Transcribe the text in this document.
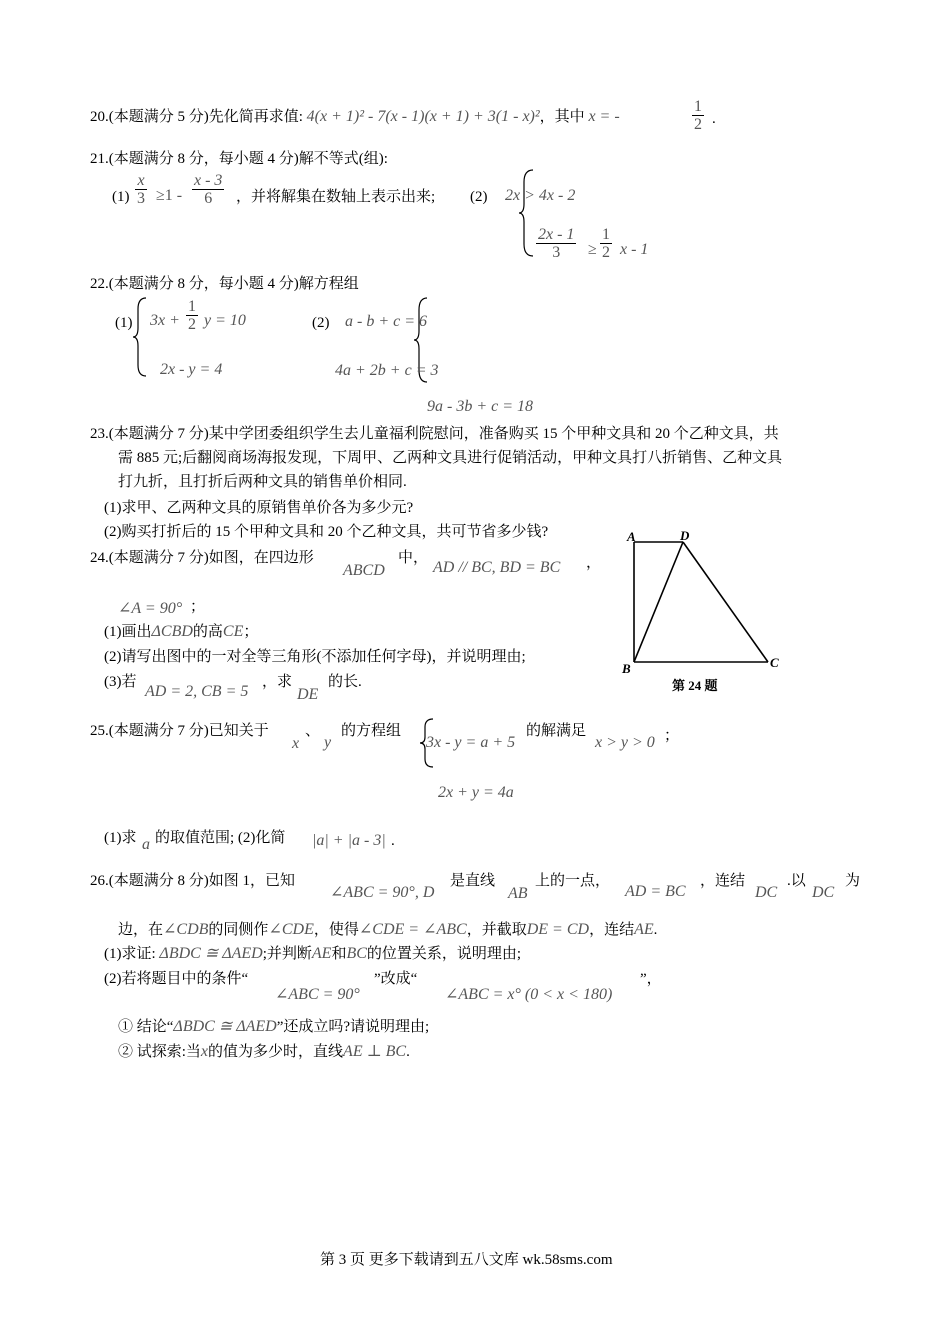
20.(本题满分 5 分)先化简再求值: 4(x + 1)² - 7(x - 1)(x + 1) + 3(1 - x)²，其中 x = -	$\frac{1}{2}$ .
21.(本题满分 8 分，每小题 4 分)解不等式(组):
$(1) \frac{x}{3} \ge 1 - \frac{x - 3}{6}$ ，并将解集在数轴上表示出来; (2) 2x > 4x - 2
$\frac{2x - 1}{3} \ge \frac{1}{2}$ x - 1
22.(本题满分 8 分，每小题 4 分)解方程组
(1) $3x + \frac{1}{2}$ y = 10
2x - y = 4
(2) a - b + c = 6
4a + 2b + c = 3
9a - 3b + c = 18
23.(本题满分 7 分)某中学团委组织学生去儿童福利院慰问，准备购买 15 个甲种文具和 20 个乙种文具，共
需 885 元;后翻阅商场海报发现，下周甲、乙两种文具进行促销活动，甲种文具打八折销售、乙种文具
打九折，且打折后两种文具的销售单价相同.
(1)求甲、乙两种文具的原销售单价各为多少元?
(2)购买打折后的 15 个甲种文具和 20 个乙种文具，共可节省多少钱?
24.(本题满分 7 分)如图，在四边形
ABCD
中，
AD // BC, BD = BC ，
∠A = 90° ；
(1)画出ΔCBD的高CE；
(2)请写出图中的一对全等三角形(不添加任何字母)，并说明理由;
(3)若
AD = 2, CB = 5
，求
DE
的长.
A	D
B	C
第 24 题
25.(本题满分 7 分)已知关于
x
、
y
的方程组
3x - y = a + 5
的解满足
x > y > 0 ；
2x + y = 4a
(1)求 a 的取值范围; (2)化简 |a| + |a - 3| .
26.(本题满分 8 分)如图 1，已知
∠ABC = 90°, D
是直线
AB
上的一点，
AD = BC
，连结
DC
.以
DC
为
边，在∠CDB的同侧作∠CDE，使得∠CDE = ∠ABC，并截取DE = CD，连结AE.
(1)求证: ΔBDC ≅ ΔAED;并判断AE和BC的位置关系，说明理由;
(2)若将题目中的条件“
∠ABC = 90°
”改成“
∠ABC = x° (0 < x < 180)
”，
① 结论“ΔBDC ≅ ΔAED”还成立吗?请说明理由;
② 试探索:当x的值为多少时，直线AE ⊥ BC.
第 3 页 更多下载请到五八文库 wk.58sms.com
